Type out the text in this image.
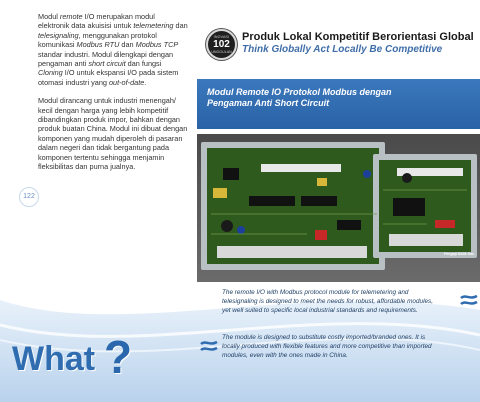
Modul remote I/O merupakan modul elektronik data akuisisi untuk telemetering dan telesignaling, menggunakan protokol komunikasi Modbus RTU dan Modbus TCP standar industri. Modul dilengkapi dengan pengaman anti short circuit dan fungsi Cloning I/O untuk ekspansi I/O pada sistem otomasi industri yang out-of-date.

Modul dirancang untuk industri menengah/ kecil dengan harga yang lebih kompetitif dibandingkan produk impor, bahkan dengan produk buatan China. Modul ini dibuat dengan komponen yang mudah diperoleh di pasaran dalam negeri dan tidak bergantung pada komponen tertentu sehingga menjamin fleksibilitas dan purna jualnya.

122
INOVASI
102
UNGGULAN
Produk Lokal Kompetitif Berorientasi Global
Think Globally Act Locally Be Competitive
Modul Remote IO Protokol Modbus dengan
Pengaman Anti Short Circuit
Pengaji Didik Sas

The remote I/O with Modbus protocol module for telemetering and telesignaling is designed to meet the needs for robust, affordable modules, yet well suited to specific local industrial standards and requirements.

The module is designed to substitute costly imported/branded ones. It is locally produced with flexible features and more competitive than imported modules, even with the ones made in China.

What ?
